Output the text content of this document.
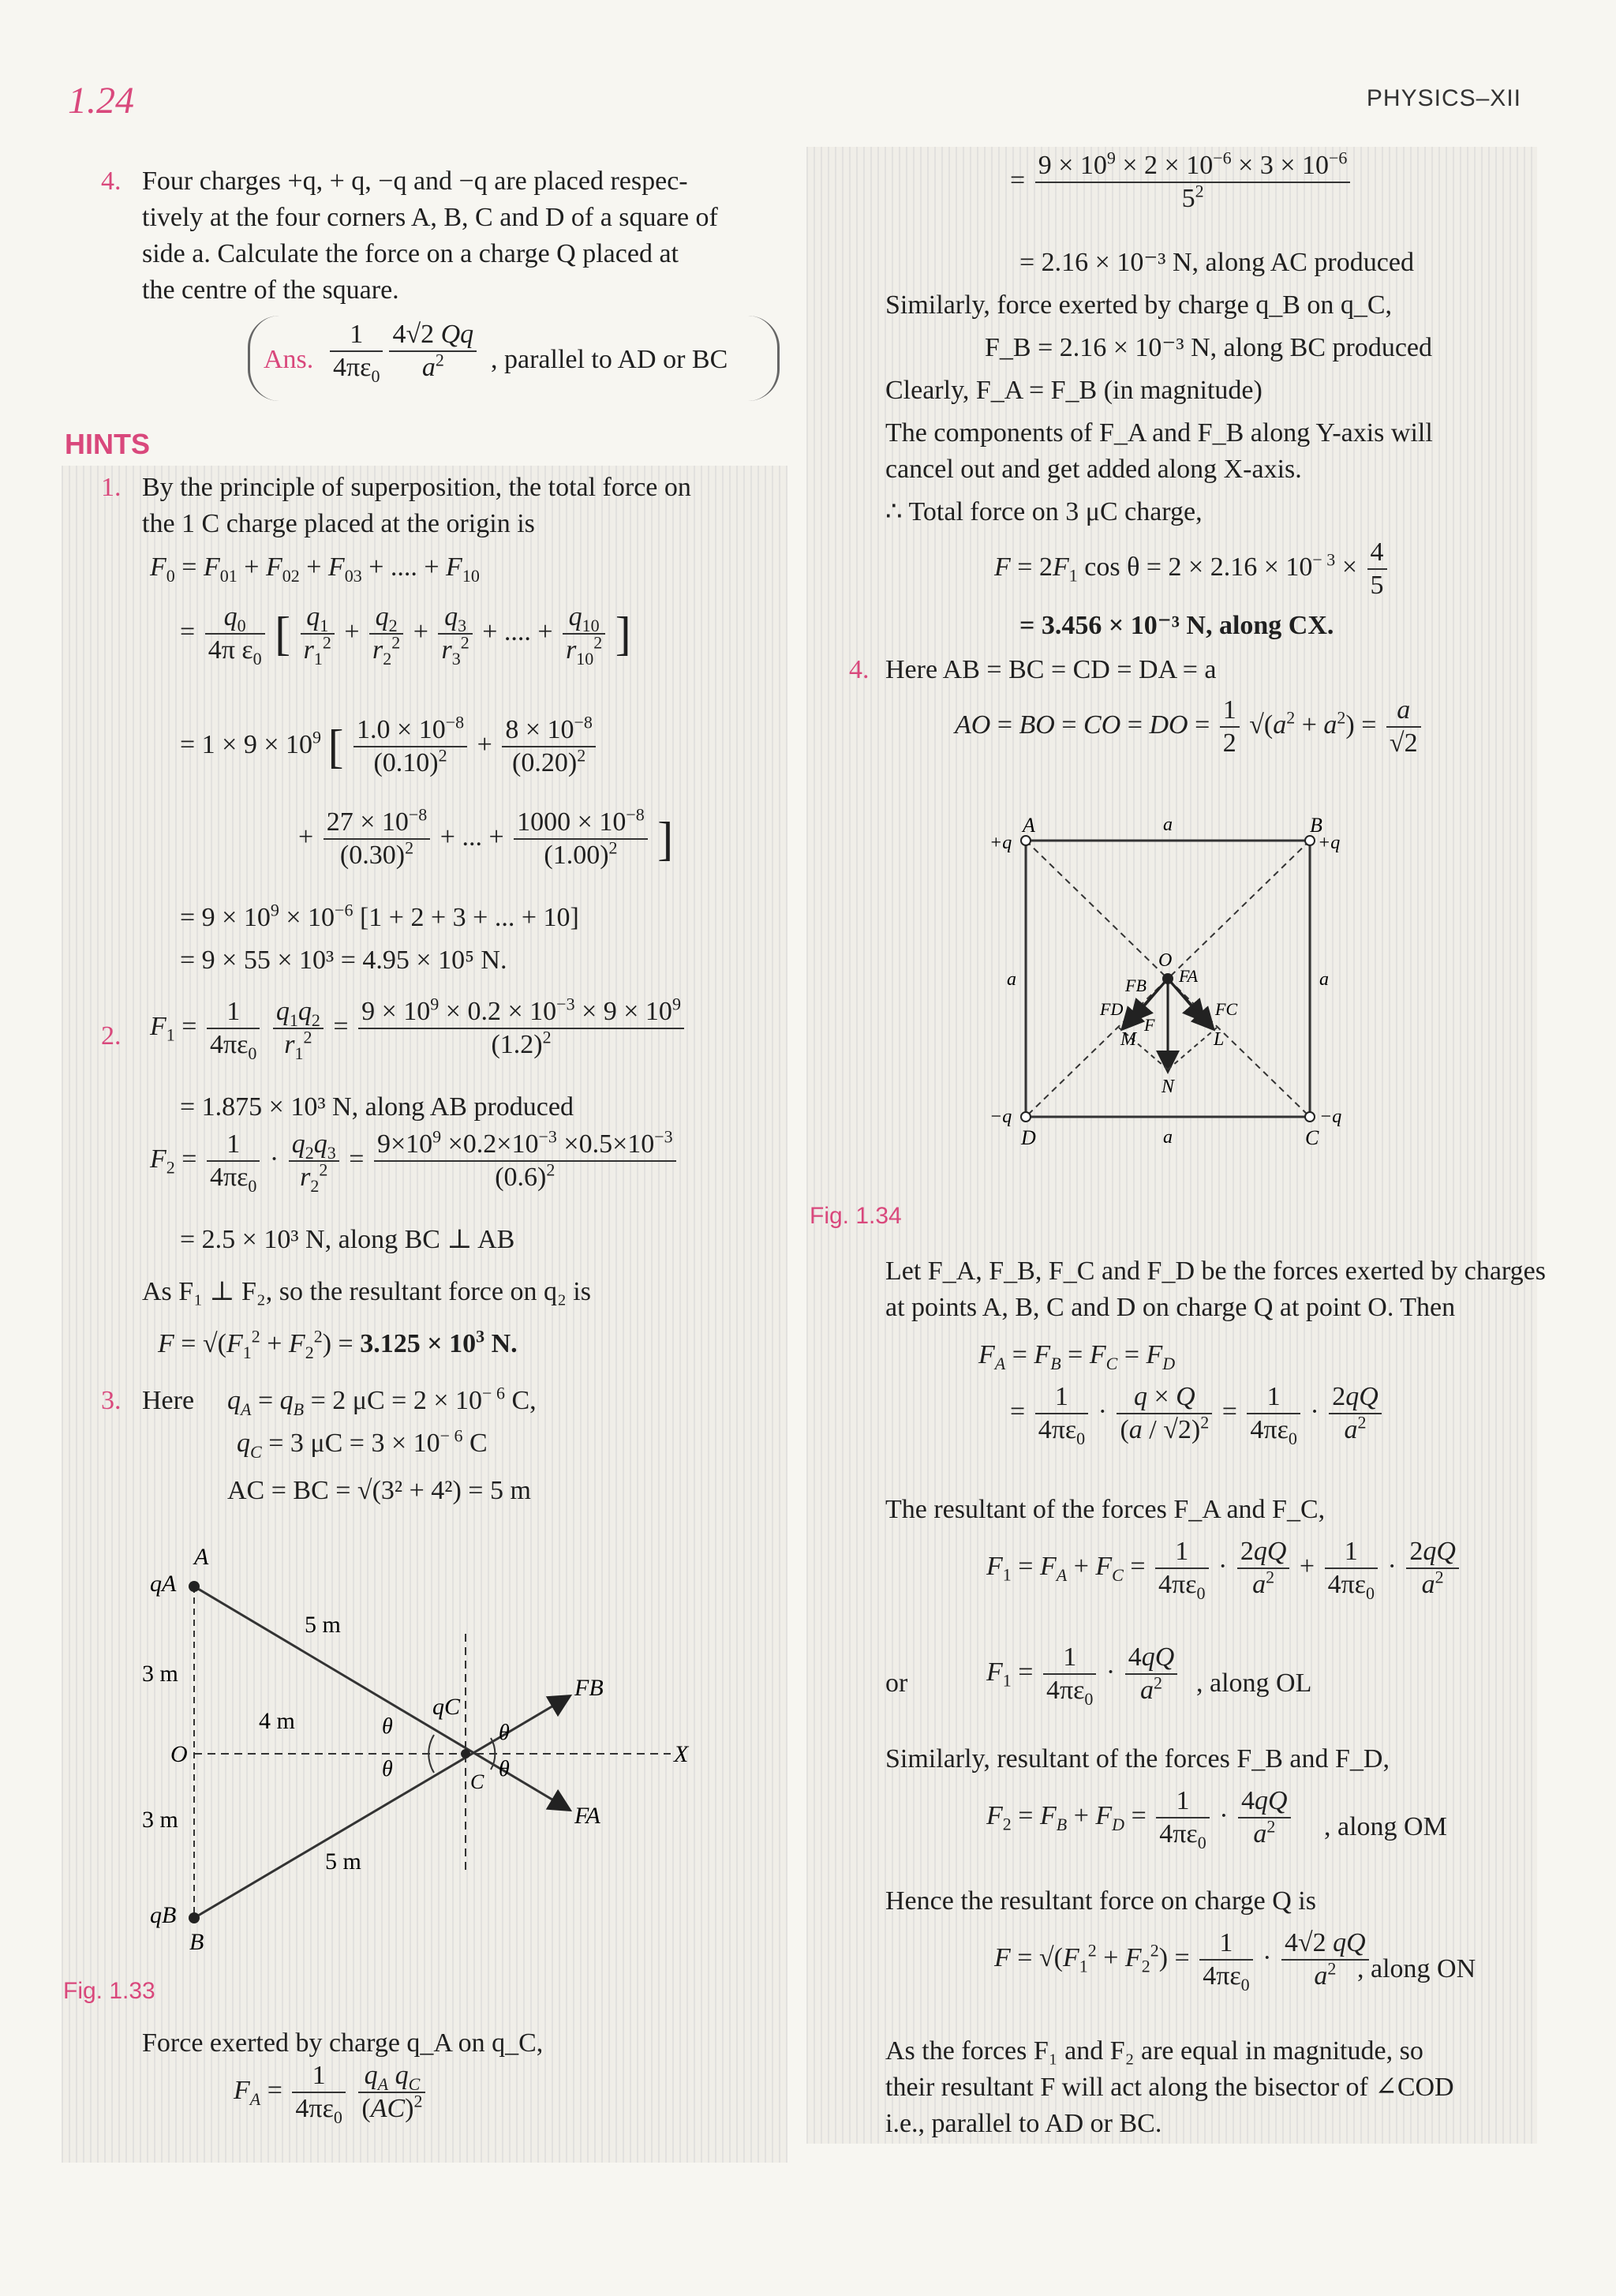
1.24	PHYSICS–XII
4. Four charges +q, + q, −q and −q are placed respec-
tively at the four corners A, B, C and D of a square of
side a. Calculate the force on a charge Q placed at
the centre of the square.
Ans. $\frac{1}{4\pi\varepsilon_0} \frac{4√2 Qq}{a^2}$ , parallel to AD or BC
HINTS
1. By the principle of superposition, the total force on
the 1 C charge placed at the origin is
$F_0 = F_{01} + F_{02} + F_{03}$ + .... + $F_{10}$
= $\frac{q_0}{4\pi \varepsilon_0}$ [ $\frac{q_1}{r_1^2} + \frac{q_2}{r_2^2} + \frac{q_3}{r_3^2}$ + .... + $\frac{q_{10}}{r_{10}^2}$ ]
= $1 \times 9 \times 10^9$ [ $\frac{1.0 \times 10^{-8}}{(0.10)^2} + \frac{8 \times 10^{-8}}{(0.20)^2}$
+ $\frac{27 \times 10^{-8}}{(0.30)^2}$ + ... + $\frac{1000 \times 10^{-8}}{(1.00)^2}$ ]
= $9 \times 10^9 \times 10^{-6}$ [1 + 2 + 3 + ... + 10]
= 9 × 55 × 10³ = 4.95 × 10⁵ N.
2. $F_1 = \frac{1}{4\pi\varepsilon_0}$
$\frac{q_1q_2}{r_1^2} = \frac{9 \times 10^9 \times 0.2 \times 10^{-3} \times 9 \times 10^9}{(1.2)^2}$
= 1.875 × 10³ N, along AB produced
$F_2 = \frac{1}{4\pi\varepsilon_0} \cdot \frac{q_2q_3}{r_2^2} = \frac{9\times 10^9 \times 0.2\times 10^{-3} \times 0.5\times 10^{-3}}{(0.6)^2}$
= 2.5 × 10³ N, along BC ⊥ AB
As F₁ ⊥ F₂, so the resultant force on q₂ is
$F = √(F_1^2 + F_2^2) = 3.125 \times 10^3$ N.
3. Here $q_A = q_B = 2$ $\mu C = 2 \times 10^{- 6}$ C,
$q_C = 3$ $\mu C = 3 \times 10^{- 6}$ C
AC = BC = √(3² + 4²) = 5 m
A
qA
qB
B
O	X
C
qC
FB
FA
5 m
5 m
4 m
3 m
3 m
θ
θ
θ
θ
Fig. 1.33
Force exerted by charge q_A on q_C,
$F_A = \frac{1}{4\pi\varepsilon_0}$
$\frac{q_A q_C}{(AC)^2}$
= $\frac{9 \times 10^9 \times 2 \times 10^{-6} \times 3 \times 10^{-6}}{5^2}$
= 2.16 × 10⁻³ N, along AC produced
Similarly, force exerted by charge q_B on q_C,
F_B = 2.16 × 10⁻³ N, along BC produced
Clearly, F_A = F_B (in magnitude)
The components of F_A and F_B along Y-axis will
cancel out and get added along X-axis.
∴ Total force on 3 μC charge,
$F = 2F_1$ $\cos \theta = 2 \times 2.16 \times 10^{- 3} \times \frac{4}{5}$
= 3.456 × 10⁻³ N, along CX.
4. Here AB = BC = CD = DA = a
AO = BO = CO = DO = $\frac{1}{2} √(a^2 + a^2) = \frac{a}{√2}$
A	B
C
D
+q	+q
−q	−q
a
a
a	a
O
M
N
L
FA
FC
FB
FD
F
Fig. 1.34
Let F_A, F_B, F_C and F_D be the forces exerted by charges
at points A, B, C and D on charge Q at point O. Then
$F_A = F_B = F_C = F_D$
= $\frac{1}{4\pi\varepsilon_0} \cdot \frac{q \times Q}{(a / √2)^2} = \frac{1}{4\pi\varepsilon_0} \cdot \frac{2qQ}{a^2}$
The resultant of the forces F_A and F_C,
$F_1 = F_A + F_C = \frac{1}{4\pi\varepsilon_0} \cdot \frac{2qQ}{a^2} + \frac{1}{4\pi\varepsilon_0} \cdot \frac{2qQ}{a^2}$
or	$F_1 = \frac{1}{4\pi\varepsilon_0} \cdot \frac{4qQ}{a^2}$ , along OL
Similarly, resultant of the forces F_B and F_D,
$F_2 = F_B + F_D = \frac{1}{4\pi\varepsilon_0} \cdot \frac{4qQ}{a^2}$ , along OM
Hence the resultant force on charge Q is
$F = √(F_1^2 + F_2^2) = \frac{1}{4\pi\varepsilon_0} \cdot \frac{4√2 qQ}{a^2}$
, along ON
As the forces F₁ and F₂ are equal in magnitude, so
their resultant F will act along the bisector of ∠COD
i.e., parallel to AD or BC.
